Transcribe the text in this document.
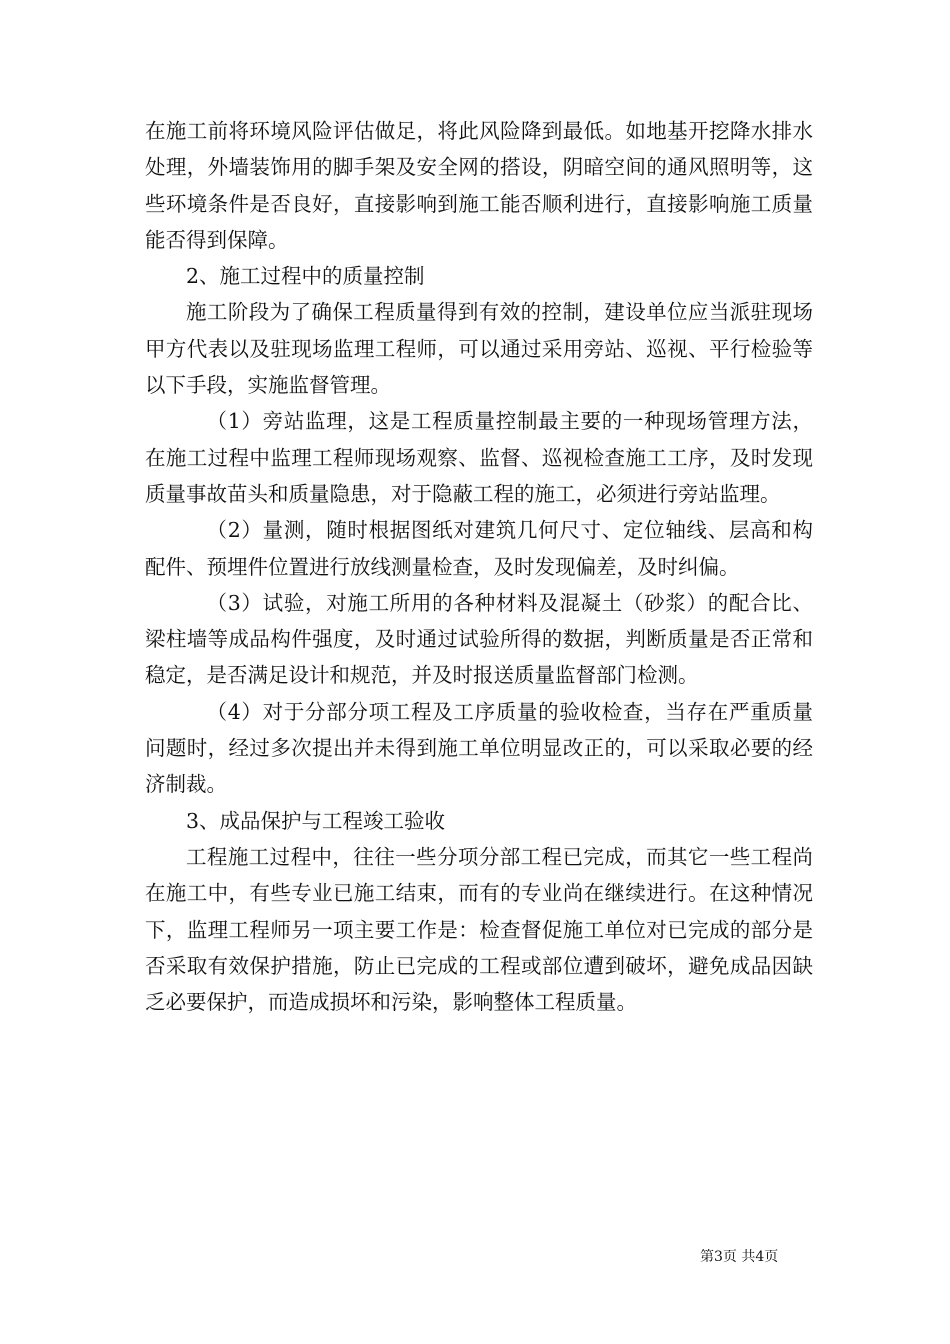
在施工前将环境风险评估做足，将此风险降到最低。如地基开挖降水排水处理，外墙装饰用的脚手架及安全网的搭设，阴暗空间的通风照明等，这些环境条件是否良好，直接影响到施工能否顺利进行，直接影响施工质量能否得到保障。

2、施工过程中的质量控制

施工阶段为了确保工程质量得到有效的控制，建设单位应当派驻现场甲方代表以及驻现场监理工程师，可以通过采用旁站、巡视、平行检验等以下手段，实施监督管理。

（1）旁站监理，这是工程质量控制最主要的一种现场管理方法，在施工过程中监理工程师现场观察、监督、巡视检查施工工序，及时发现质量事故苗头和质量隐患，对于隐蔽工程的施工，必须进行旁站监理。

（2）量测，随时根据图纸对建筑几何尺寸、定位轴线、层高和构配件、预埋件位置进行放线测量检查，及时发现偏差，及时纠偏。

（3）试验，对施工所用的各种材料及混凝土（砂浆）的配合比、梁柱墙等成品构件强度，及时通过试验所得的数据，判断质量是否正常和稳定，是否满足设计和规范，并及时报送质量监督部门检测。

（4）对于分部分项工程及工序质量的验收检查，当存在严重质量问题时，经过多次提出并未得到施工单位明显改正的，可以采取必要的经济制裁。

3、成品保护与工程竣工验收

工程施工过程中，往往一些分项分部工程已完成，而其它一些工程尚在施工中，有些专业已施工结束，而有的专业尚在继续进行。在这种情况下，监理工程师另一项主要工作是：检查督促施工单位对已完成的部分是否采取有效保护措施，防止已完成的工程或部位遭到破坏，避免成品因缺乏必要保护，而造成损坏和污染，影响整体工程质量。

第3页 共4页
